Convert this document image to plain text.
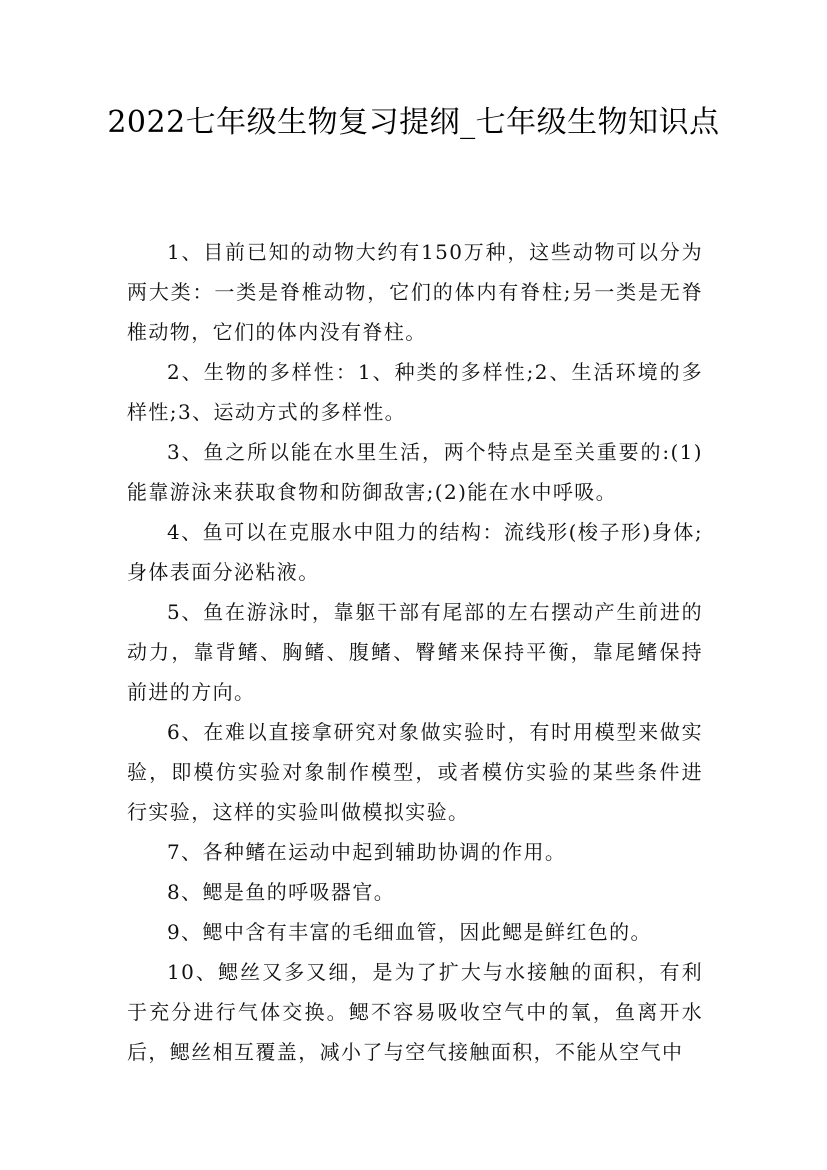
2022七年级生物复习提纲_七年级生物知识点

1、目前已知的动物大约有150万种，这些动物可以分为两大类：一类是脊椎动物，它们的体内有脊柱;另一类是无脊椎动物，它们的体内没有脊柱。

2、生物的多样性：1、种类的多样性;2、生活环境的多样性;3、运动方式的多样性。

3、鱼之所以能在水里生活，两个特点是至关重要的:(1)能靠游泳来获取食物和防御敌害;(2)能在水中呼吸。

4、鱼可以在克服水中阻力的结构：流线形(梭子形)身体;身体表面分泌粘液。

5、鱼在游泳时，靠躯干部有尾部的左右摆动产生前进的动力，靠背鳍、胸鳍、腹鳍、臀鳍来保持平衡，靠尾鳍保持前进的方向。

6、在难以直接拿研究对象做实验时，有时用模型来做实验，即模仿实验对象制作模型，或者模仿实验的某些条件进行实验，这样的实验叫做模拟实验。

7、各种鳍在运动中起到辅助协调的作用。

8、鳃是鱼的呼吸器官。

9、鳃中含有丰富的毛细血管，因此鳃是鲜红色的。

10、鳃丝又多又细，是为了扩大与水接触的面积，有利于充分进行气体交换。鳃不容易吸收空气中的氧，鱼离开水后，鳃丝相互覆盖，减小了与空气接触面积，不能从空气中
